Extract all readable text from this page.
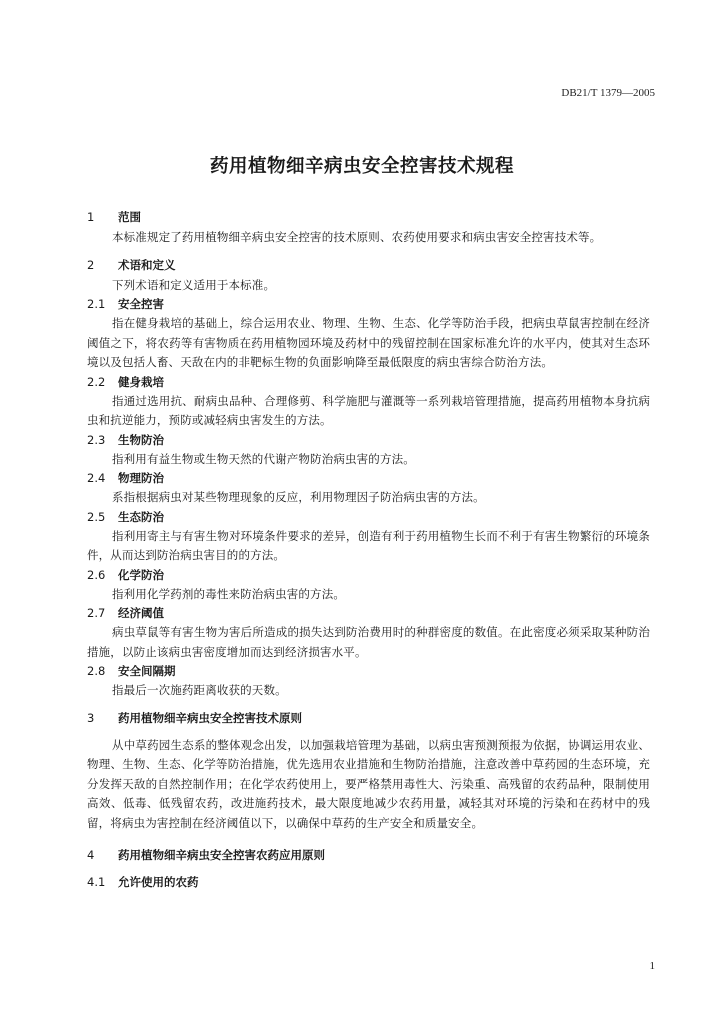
DB21/T 1379—2005
药用植物细辛病虫安全控害技术规程
1 范围

本标准规定了药用植物细辛病虫安全控害的技术原则、农药使用要求和病虫害安全控害技术等。

2 术语和定义

下列术语和定义适用于本标准。

2.1 安全控害

指在健身栽培的基础上，综合运用农业、物理、生物、生态、化学等防治手段，把病虫草鼠害控制在经济阈值之下，将农药等有害物质在药用植物园环境及药材中的残留控制在国家标准允许的水平内，使其对生态环境以及包括人畜、天敌在内的非靶标生物的负面影响降至最低限度的病虫害综合防治方法。

2.2 健身栽培

指通过选用抗、耐病虫品种、合理修剪、科学施肥与灌溉等一系列栽培管理措施，提高药用植物本身抗病虫和抗逆能力，预防或减轻病虫害发生的方法。

2.3 生物防治

指利用有益生物或生物天然的代谢产物防治病虫害的方法。

2.4 物理防治

系指根据病虫对某些物理现象的反应，利用物理因子防治病虫害的方法。

2.5 生态防治

指利用寄主与有害生物对环境条件要求的差异，创造有利于药用植物生长而不利于有害生物繁衍的环境条件，从而达到防治病虫害目的的方法。

2.6 化学防治

指利用化学药剂的毒性来防治病虫害的方法。

2.7 经济阈值

病虫草鼠等有害生物为害后所造成的损失达到防治费用时的种群密度的数值。在此密度必须采取某种防治措施，以防止该病虫害密度增加而达到经济损害水平。

2.8 安全间隔期

指最后一次施药距离收获的天数。

3 药用植物细辛病虫安全控害技术原则

从中草药园生态系的整体观念出发，以加强栽培管理为基础，以病虫害预测预报为依据，协调运用农业、物理、生物、生态、化学等防治措施，优先选用农业措施和生物防治措施，注意改善中草药园的生态环境，充分发挥天敌的自然控制作用；在化学农药使用上，要严格禁用毒性大、污染重、高残留的农药品种，限制使用高效、低毒、低残留农药，改进施药技术，最大限度地减少农药用量，减轻其对环境的污染和在药材中的残留，将病虫为害控制在经济阈值以下，以确保中草药的生产安全和质量安全。

4 药用植物细辛病虫安全控害农药应用原则
4.1 允许使用的农药
1
